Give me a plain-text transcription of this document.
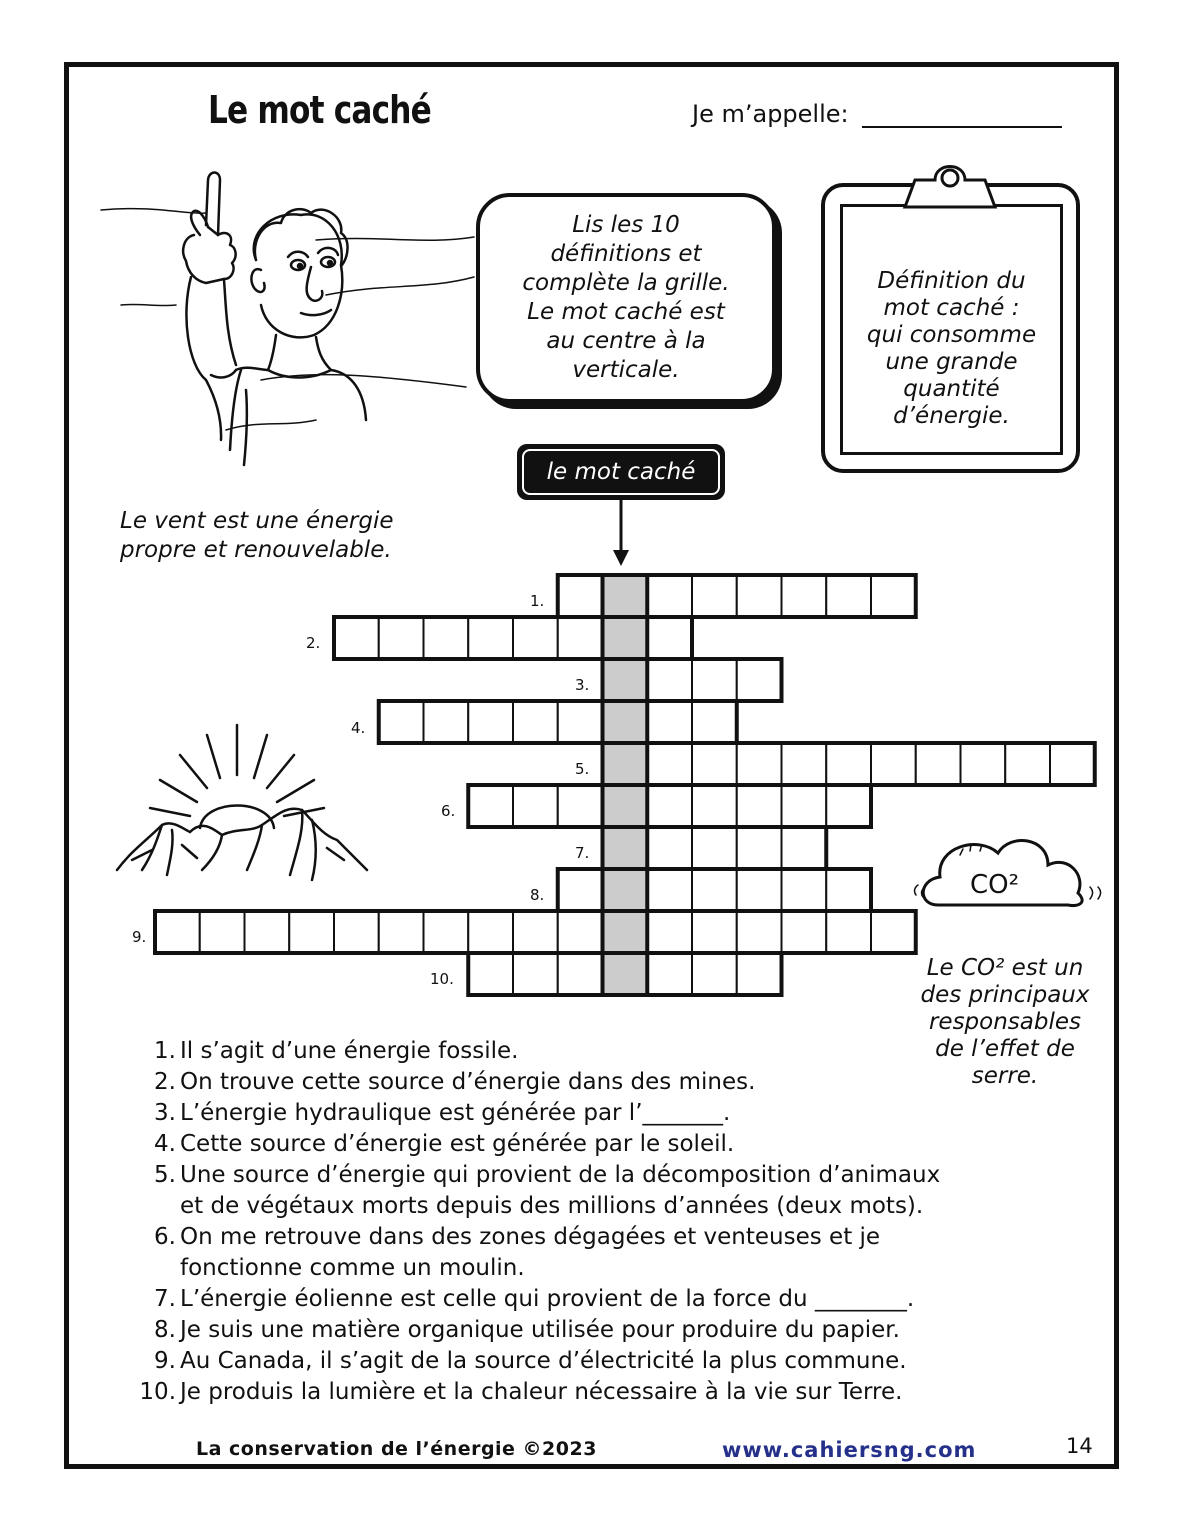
Le mot caché	Je m’appelle:
Lis les 10
définitions et
complète la grille.
Le mot caché est
au centre à la
verticale.
Définition du
mot caché :
qui consomme
une grande
quantité
d’énergie.
le mot caché
Le vent est une énergie
propre et renouvelable.
1.
2.
3.
4.
5.
6.
7.
8.
9.
10.
CO²
Le CO² est un
des principaux
responsables
de l’effet de
serre.
1. Il s’agit d’une énergie fossile.
2. On trouve cette source d’énergie dans des mines.
3. L’énergie hydraulique est générée par l’_______.
4. Cette source d’énergie est générée par le soleil.
5. Une source d’énergie qui provient de la décomposition d’animaux
et de végétaux morts depuis des millions d’années (deux mots).
6. On me retrouve dans des zones dégagées et venteuses et je
fonctionne comme un moulin.
7. L’énergie éolienne est celle qui provient de la force du ________.
8. Je suis une matière organique utilisée pour produire du papier.
9. Au Canada, il s’agit de la source d’électricité la plus commune.
10. Je produis la lumière et la chaleur nécessaire à la vie sur Terre.
La conservation de l’énergie ©2023	www.cahiersng.com	14
